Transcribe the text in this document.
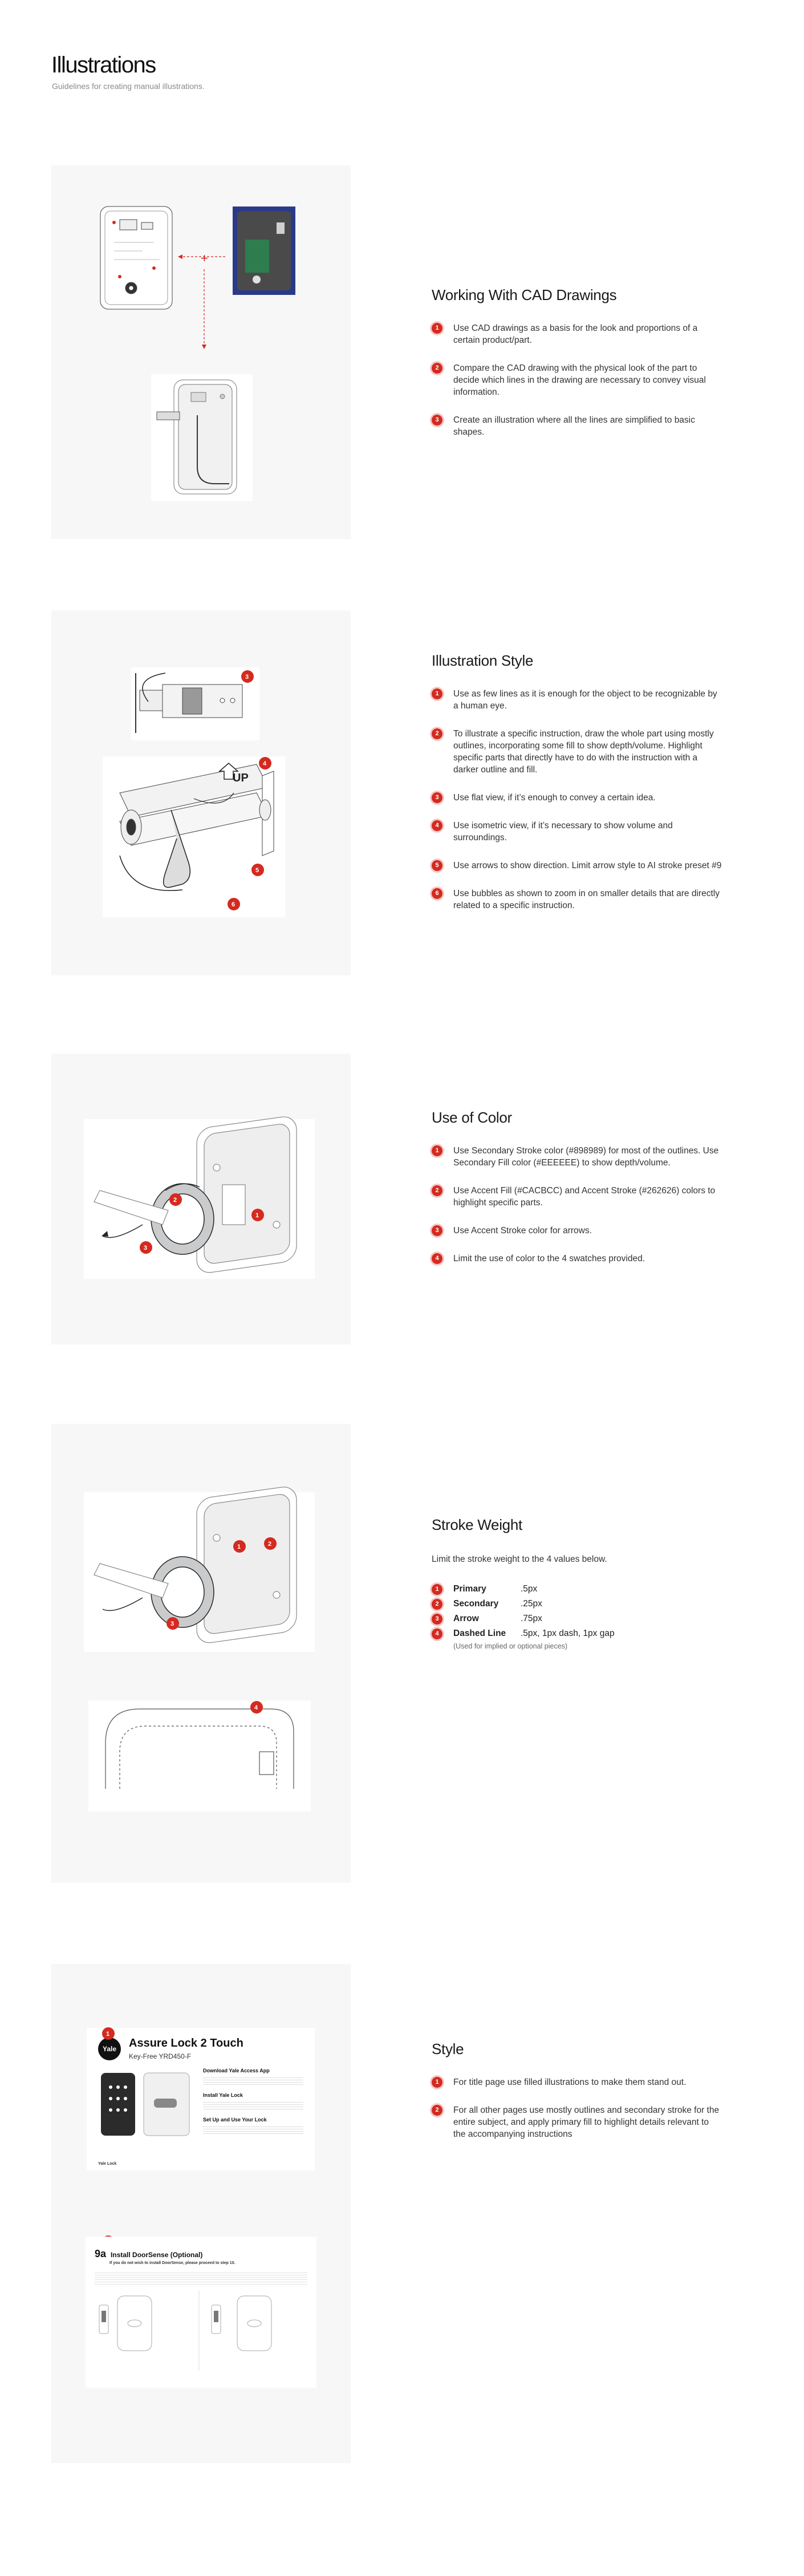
Illustrations

Guidelines for creating manual illustrations.

+
Working With CAD Drawings
1	Use CAD drawings as a basis for the look and proportions of a certain product/part.
2	Compare the CAD drawing with the physical look of the part to decide which lines in the drawing are necessary to convey visual information.
3	Create an illustration where all the lines are simplified to basic shapes.
3
UP
4
5
6
Illustration Style
1	Use as few lines as it is enough for the object to be recognizable by a human eye.
2	To illustrate a specific instruction, draw the whole part using mostly outlines, incorporating some fill to show depth/volume. Highlight specific parts that directly have to do with the instruction with a darker outline and fill.
3	Use flat view, if it’s enough to convey a certain idea.
4	Use isometric view, if it’s necessary to show volume and surroundings.
5	Use arrows to show direction. Limit arrow style to AI stroke preset #9
6	Use bubbles as shown to zoom in on smaller details that are directly related to a specific instruction.
2
1
3
Use of Color
1	Use Secondary Stroke color (#898989) for most of the outlines. Use Secondary Fill color (#EEEEEE) to show depth/volume.
2	Use Accent Fill (#CACBCC) and Accent Stroke (#262626) colors to highlight specific parts.
3	Use Accent Stroke color for arrows.
4	Limit the use of color to the 4 swatches provided.
1	2
3
4
Stroke Weight

Limit the stroke weight to the 4 values below.

1	Primary	.5px
2	Secondary .25px
3	Arrow	.75px
4	Dashed Line .5px, 1px dash, 1px gap

(Used for implied or optional pieces)

Yale	Assure Lock 2 Touch
Key-Free YRD450-F
Download Yale Access App
Install Yale Lock
Set Up and Use Your Lock
Yale Lock
1
9a Install DoorSense (Optional)
If you do not wish to install DoorSense, please proceed to step 10.
Style
1	For title page use filled illustrations to make them stand out.
2	For all other pages use mostly outlines and secondary stroke for the entire subject, and apply primary fill to highlight details relevant to the accompanying instructions
